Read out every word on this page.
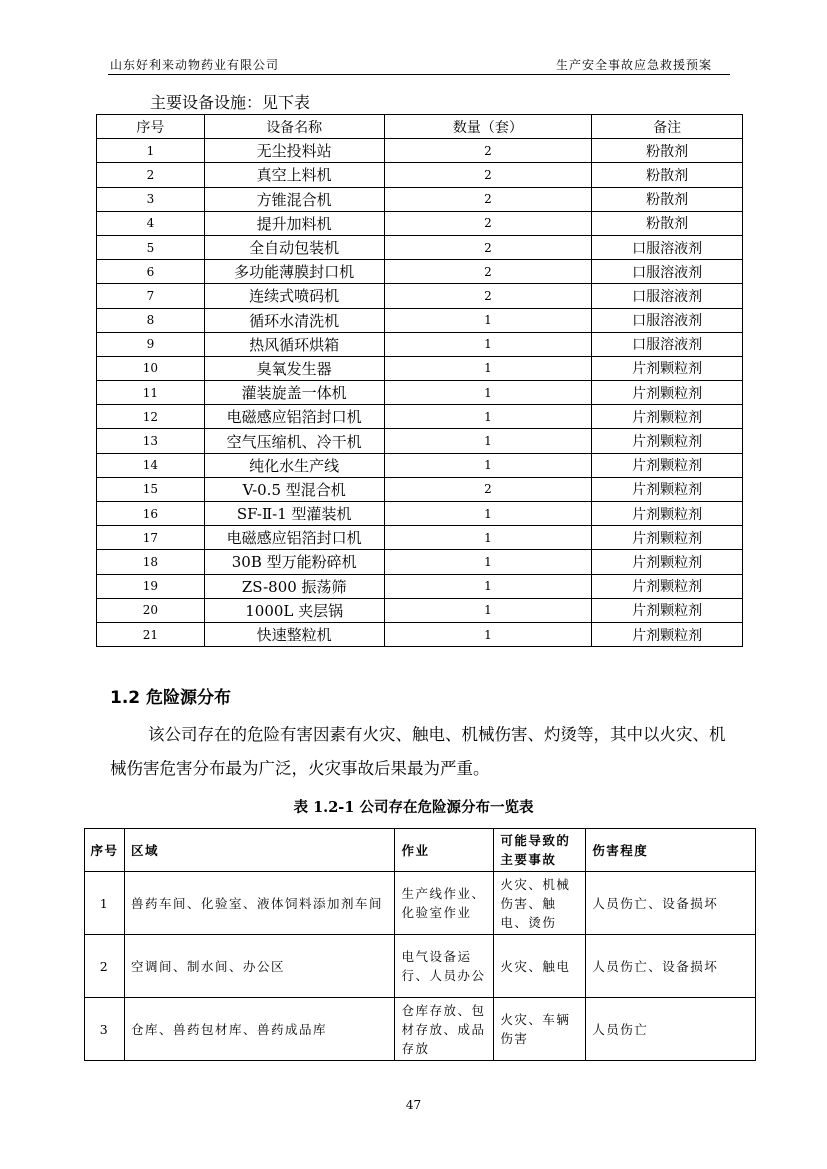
山东好利来动物药业有限公司	生产安全事故应急救援预案
主要设备设施：见下表
序号	设备名称	数量（套）	备注
1	无尘投料站	2	粉散剂
2	真空上料机	2	粉散剂
3	方锥混合机	2	粉散剂
4	提升加料机	2	粉散剂
5	全自动包装机	2	口服溶液剂
6	多功能薄膜封口机	2	口服溶液剂
7	连续式喷码机	2	口服溶液剂
8	循环水清洗机	1	口服溶液剂
9	热风循环烘箱	1	口服溶液剂
10	臭氧发生器	1	片剂颗粒剂
11	灌装旋盖一体机	1	片剂颗粒剂
12	电磁感应铝箔封口机	1	片剂颗粒剂
13	空气压缩机、冷干机	1	片剂颗粒剂
14	纯化水生产线	1	片剂颗粒剂
15	V-0.5 型混合机	2	片剂颗粒剂
16	SF-Ⅱ-1 型灌装机	1	片剂颗粒剂
17	电磁感应铝箔封口机	1	片剂颗粒剂
18	30B 型万能粉碎机	1	片剂颗粒剂
19	ZS-800 振荡筛	1	片剂颗粒剂
20	1000L 夹层锅	1	片剂颗粒剂
21	快速整粒机	1	片剂颗粒剂
1.2 危险源分布
该公司存在的危险有害因素有火灾、触电、机械伤害、灼烫等，其中以火灾、机械伤害危害分布最为广泛，火灾事故后果最为严重。
表 1.2-1 公司存在危险源分布一览表
序号	区域	作业	可能导致的主要事故	伤害程度
1	兽药车间、化验室、液体饲料添加剂车间	生产线作业、化验室作业	火灾、机械伤害、触电、烫伤	人员伤亡、设备损坏
2	空调间、制水间、办公区	电气设备运行、人员办公	火灾、触电	人员伤亡、设备损坏
3	仓库、兽药包材库、兽药成品库	仓库存放、包材存放、成品存放	火灾、车辆伤害	人员伤亡
47
